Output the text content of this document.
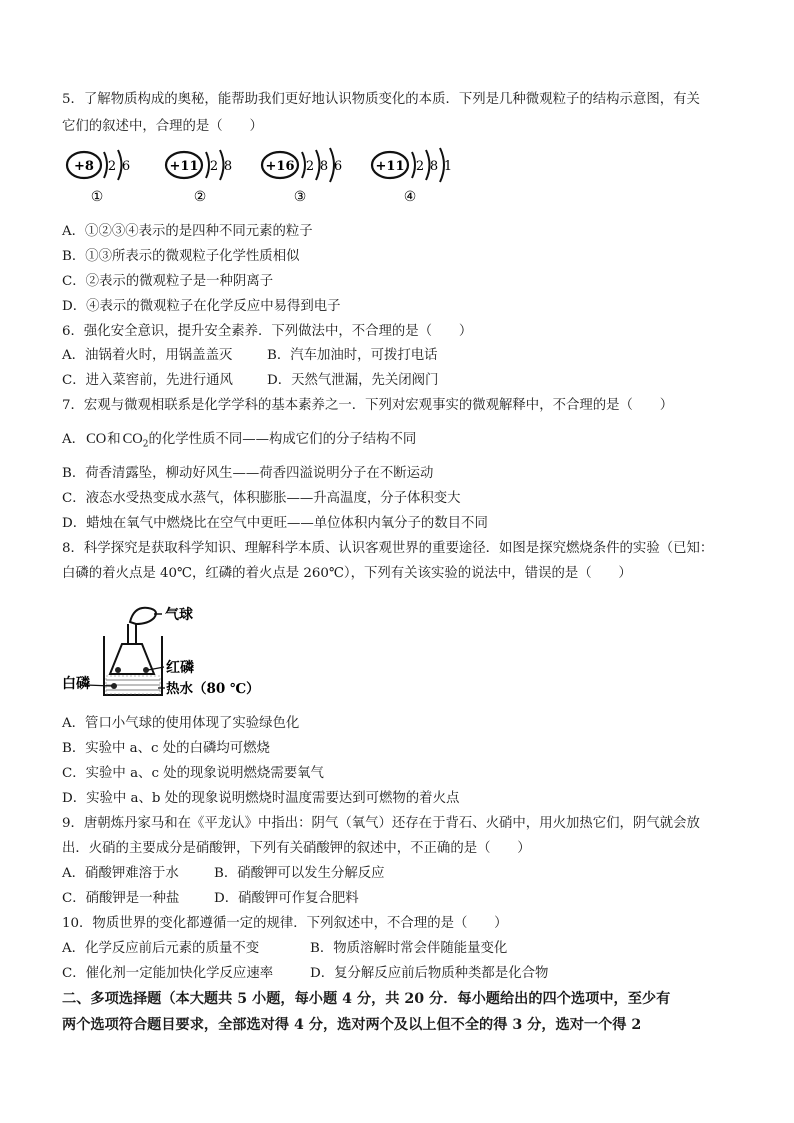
5．了解物质构成的奥秘，能帮助我们更好地认识物质变化的本质．下列是几种微观粒子的结构示意图，有关
它们的叙述中，合理的是（　　）
+8 2 6
①
+11 2 8
②
+16 2 8 6
③
+11 2 8 1
④
A．①②③④表示的是四种不同元素的粒子
B．①③所表示的微观粒子化学性质相似
C．②表示的微观粒子是一种阴离子
D．④表示的微观粒子在化学反应中易得到电子
6．强化安全意识，提升安全素养．下列做法中，不合理的是（　　）
A．油锅着火时，用锅盖盖灭	B．汽车加油时，可拨打电话
C．进入菜窖前，先进行通风	D．天然气泄漏，先关闭阀门
7．宏观与微观相联系是化学学科的基本素养之一．下列对宏观事实的微观解释中，不合理的是（　　）
A．CO和 $CO_2$的化学性质不同——构成它们的分子结构不同
B．荷香清露坠，柳动好风生——荷香四溢说明分子在不断运动
C．液态水受热变成水蒸气，体积膨胀——升高温度，分子体积变大
D．蜡烛在氧气中燃烧比在空气中更旺——单位体积内氧分子的数目不同
8．科学探究是获取科学知识、理解科学本质、认识客观世界的重要途径．如图是探究燃烧条件的实验（已知：
白磷的着火点是 40℃，红磷的着火点是 260℃），下列有关该实验的说法中，错误的是（　　）
气球
红磷
白磷	热水（80 ℃）
A．管口小气球的使用体现了实验绿色化
B．实验中 a、c 处的白磷均可燃烧
C．实验中 a、c 处的现象说明燃烧需要氧气
D．实验中 a、b 处的现象说明燃烧时温度需要达到可燃物的着火点
9．唐朝炼丹家马和在《平龙认》中指出：阴气（氧气）还存在于背石、火硝中，用火加热它们，阴气就会放
出．火硝的主要成分是硝酸钾，下列有关硝酸钾的叙述中，不正确的是（　　）
A．硝酸钾难溶于水	B．硝酸钾可以发生分解反应
C．硝酸钾是一种盐	D．硝酸钾可作复合肥料
10．物质世界的变化都遵循一定的规律．下列叙述中，不合理的是（　　）
A．化学反应前后元素的质量不变	B．物质溶解时常会伴随能量变化
C．催化剂一定能加快化学反应速率	D．复分解反应前后物质种类都是化合物
二、多项选择题（本大题共 5 小题，每小题 4 分，共 20 分．每小题给出的四个选项中，至少有
两个选项符合题目要求，全部选对得 4 分，选对两个及以上但不全的得 3 分，选对一个得 2
